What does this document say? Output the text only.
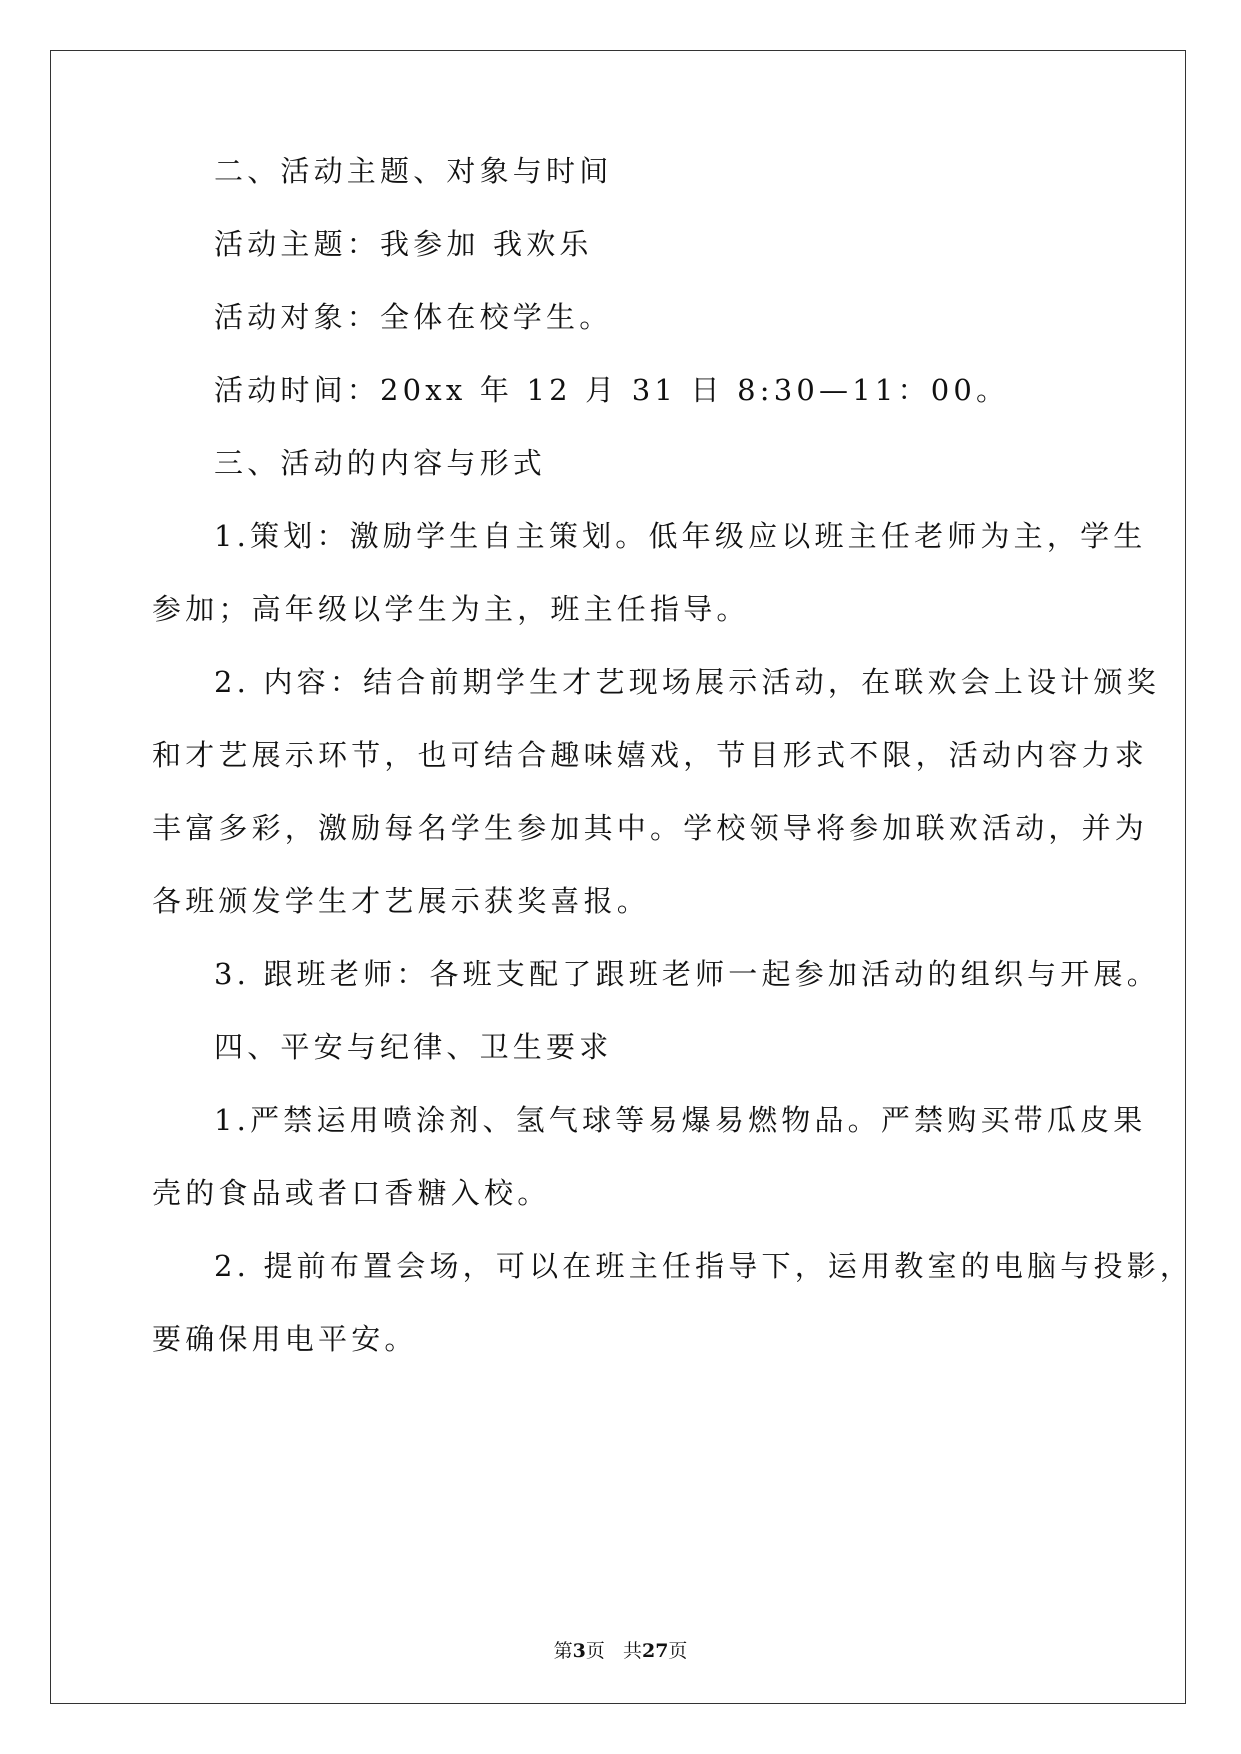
二、活动主题、对象与时间
活动主题：我参加 我欢乐
活动对象：全体在校学生。
活动时间：20xx 年 12 月 31 日 8:30—11：00。
三、活动的内容与形式
1.策划：激励学生自主策划。低年级应以班主任老师为主，学生
参加；高年级以学生为主，班主任指导。
2. 内容：结合前期学生才艺现场展示活动，在联欢会上设计颁奖
和才艺展示环节，也可结合趣味嬉戏，节目形式不限，活动内容力求
丰富多彩，激励每名学生参加其中。学校领导将参加联欢活动，并为
各班颁发学生才艺展示获奖喜报。
3. 跟班老师：各班支配了跟班老师一起参加活动的组织与开展。
四、平安与纪律、卫生要求
1.严禁运用喷涂剂、氢气球等易爆易燃物品。严禁购买带瓜皮果
壳的食品或者口香糖入校。
2. 提前布置会场，可以在班主任指导下，运用教室的电脑与投影，
要确保用电平安。
第3页 共27页
